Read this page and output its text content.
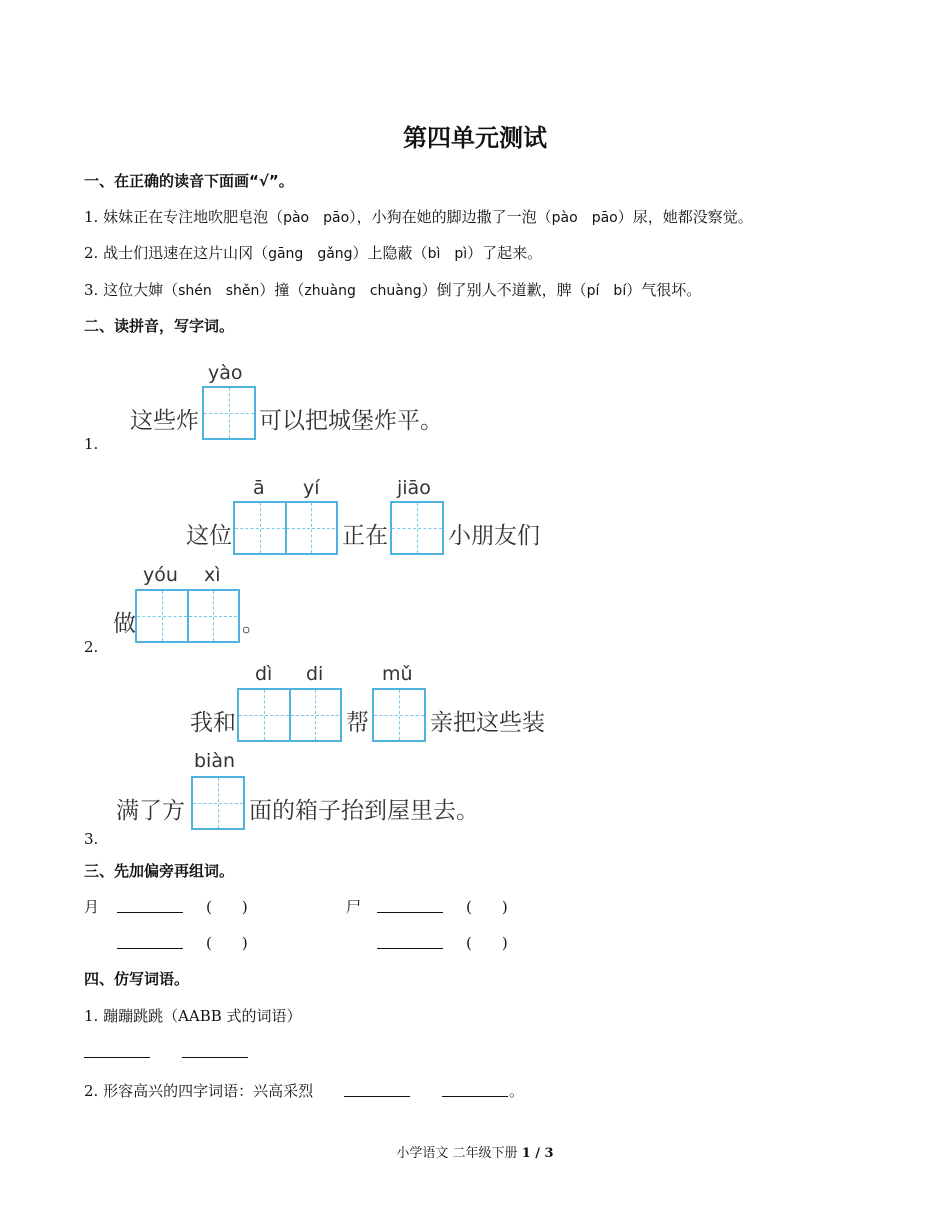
第四单元测试
一、在正确的读音下面画“√”。
1. 妹妹正在专注地吹肥皂泡（pào　pāo），小狗在她的脚边撒了一泡（pào　pāo）尿，她都没察觉。
2. 战士们迅速在这片山冈（gāng　gǎng）上隐蔽（bì　pì）了起来。
3. 这位大婶（shén　shěn）撞（zhuàng　chuàng）倒了别人不道歉，脾（pí　bí）气很坏。
二、读拼音，写字词。
yào
这些炸	可以把城堡炸平。
1.
ā yí	jiāo
这位	正在	小朋友们
yóu xì
做	。
2.
dì di	mǔ
我和	帮	亲把这些装
biàn
满了方	面的箱子抬到屋里去。
3.
三、先加偏旁再组词。
月	(　　)	尸	(　　)
(　　)	(　　)
四、仿写词语。
1. 蹦蹦跳跳（AABB 式的词语）
2. 形容高兴的四字词语：兴高采烈	。
小学语文 二年级下册 1 / 3
